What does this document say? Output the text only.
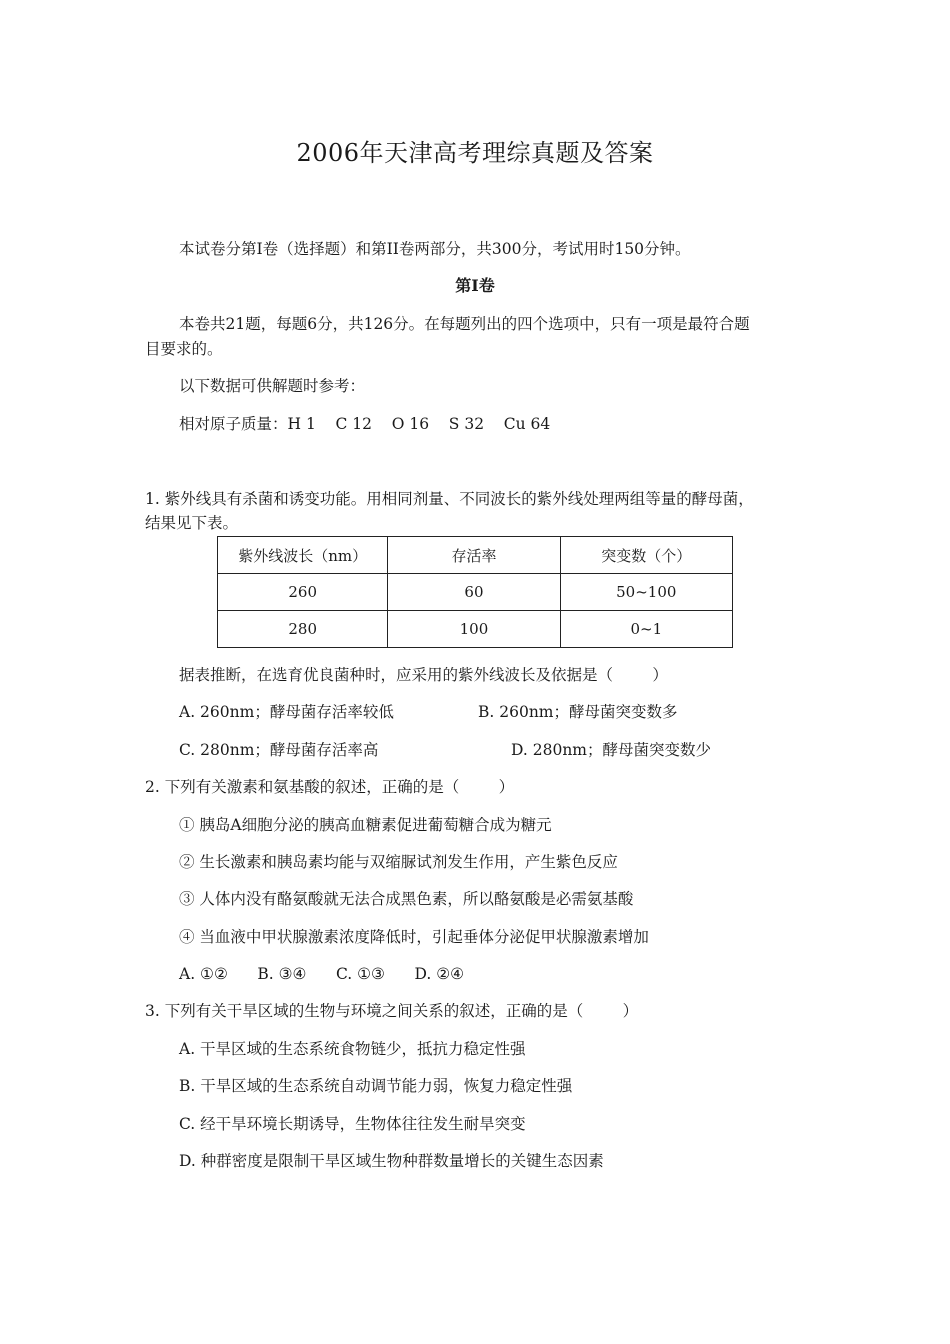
2006年天津高考理综真题及答案
本试卷分第I卷（选择题）和第II卷两部分，共300分，考试用时150分钟。
第I卷
本卷共21题，每题6分，共126分。在每题列出的四个选项中，只有一项是最符合题
目要求的。
以下数据可供解题时参考：
相对原子质量：H 1    C 12    O 16    S 32    Cu 64
1. 紫外线具有杀菌和诱变功能。用相同剂量、不同波长的紫外线处理两组等量的酵母菌，
结果见下表。
紫外线波长（nm）	存活率	突变数（个）
260	60	50~100
280	100	0~1
据表推断，在选育优良菌种时，应采用的紫外线波长及依据是（        ）
A. 260nm；酵母菌存活率较低	B. 260nm；酵母菌突变数多
C. 280nm；酵母菌存活率高	D. 280nm；酵母菌突变数少
2. 下列有关激素和氨基酸的叙述，正确的是（        ）
① 胰岛A细胞分泌的胰高血糖素促进葡萄糖合成为糖元
② 生长激素和胰岛素均能与双缩脲试剂发生作用，产生紫色反应
③ 人体内没有酪氨酸就无法合成黑色素，所以酪氨酸是必需氨基酸
④ 当血液中甲状腺激素浓度降低时，引起垂体分泌促甲状腺激素增加
A. ①②      B. ③④      C. ①③      D. ②④
3. 下列有关干旱区域的生物与环境之间关系的叙述，正确的是（        ）
A. 干旱区域的生态系统食物链少，抵抗力稳定性强
B. 干旱区域的生态系统自动调节能力弱，恢复力稳定性强
C. 经干旱环境长期诱导，生物体往往发生耐旱突变
D. 种群密度是限制干旱区域生物种群数量增长的关键生态因素
